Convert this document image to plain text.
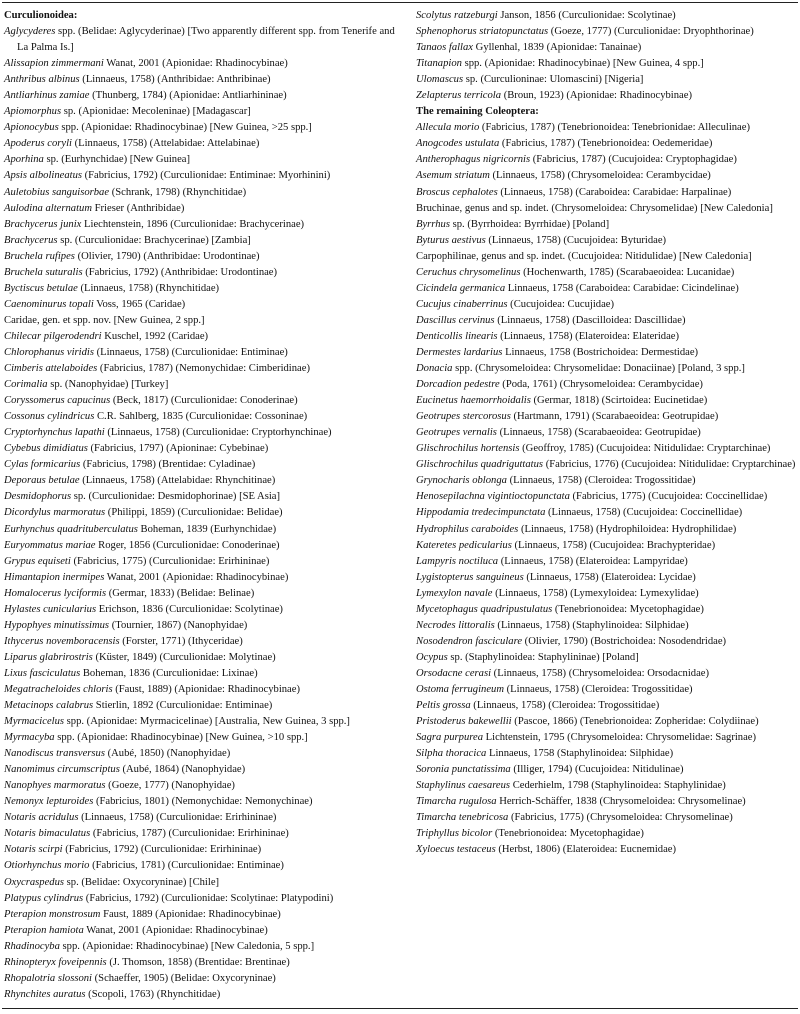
Curculionoidea:
Aglycyderes spp. (Belidae: Aglycyderinae) [Two apparently different spp. from Tenerife and La Palma Is.]
Alissapion zimmermani Wanat, 2001 (Apionidae: Rhadinocybinae)
Anthribus albinus (Linnaeus, 1758) (Anthribidae: Anthribinae)
Antliarhinus zamiae (Thunberg, 1784) (Apionidae: Antliarhininae)
Apiomorphus sp. (Apionidae: Mecoleninae) [Madagascar]
Apionocybus spp. (Apionidae: Rhadinocybinae) [New Guinea, >25 spp.]
Apoderus coryli (Linnaeus, 1758) (Attelabidae: Attelabinae)
Aporhina sp. (Eurhynchidae) [New Guinea]
Apsis albolineatus (Fabricius, 1792) (Curculionidae: Entiminae: Myorhinini)
Auletobius sanguisorbae (Schrank, 1798) (Rhynchitidae)
Aulodina alternatum Frieser (Anthribidae)
Brachycerus junix Liechtenstein, 1896 (Curculionidae: Brachycerinae)
Brachycerus sp. (Curculionidae: Brachycerinae) [Zambia]
Bruchela rufipes (Olivier, 1790) (Anthribidae: Urodontinae)
Bruchela suturalis (Fabricius, 1792) (Anthribidae: Urodontinae)
Byctiscus betulae (Linnaeus, 1758) (Rhynchitidae)
Caenominurus topali Voss, 1965 (Caridae)
Caridae, gen. et spp. nov. [New Guinea, 2 spp.]
Chilecar pilgerodendri Kuschel, 1992 (Caridae)
Chlorophanus viridis (Linnaeus, 1758) (Curculionidae: Entiminae)
Cimberis attelaboides (Fabricius, 1787) (Nemonychidae: Cimberidinae)
Corimalia sp. (Nanophyidae) [Turkey]
Coryssomerus capucinus (Beck, 1817) (Curculionidae: Conoderinae)
Cossonus cylindricus C.R. Sahlberg, 1835 (Curculionidae: Cossoninae)
Cryptorhynchus lapathi (Linnaeus, 1758) (Curculionidae: Cryptorhynchinae)
Cybebus dimidiatus (Fabricius, 1797) (Apioninae: Cybebinae)
Cylas formicarius (Fabricius, 1798) (Brentidae: Cyladinae)
Deporaus betulae (Linnaeus, 1758) (Attelabidae: Rhynchitinae)
Desmidophorus sp. (Curculionidae: Desmidophorinae) [SE Asia]
Dicordylus marmoratus (Philippi, 1859) (Curculionidae: Belidae)
Eurhynchus quadrituberculatus Boheman, 1839 (Eurhynchidae)
Euryommatus mariae Roger, 1856 (Curculionidae: Conoderinae)
Grypus equiseti (Fabricius, 1775) (Curculionidae: Erirhininae)
Himantapion inermipes Wanat, 2001 (Apionidae: Rhadinocybinae)
Homalocerus lyciformis (Germar, 1833) (Belidae: Belinae)
Hylastes cunicularius Erichson, 1836 (Curculionidae: Scolytinae)
Hypophyes minutissimus (Tournier, 1867) (Nanophyidae)
Ithycerus novemboracensis (Forster, 1771) (Ithyceridae)
Liparus glabrirostris (Küster, 1849) (Curculionidae: Molytinae)
Lixus fasciculatus Boheman, 1836 (Curculionidae: Lixinae)
Megatracheloides chloris (Faust, 1889) (Apionidae: Rhadinocybinae)
Metacinops calabrus Stierlin, 1892 (Curculionidae: Entiminae)
Myrmacicelus spp. (Apionidae: Myrmacicelinae) [Australia, New Guinea, 3 spp.]
Myrmacyba spp. (Apionidae: Rhadinocybinae) [New Guinea, >10 spp.]
Nanodiscus transversus (Aubé, 1850) (Nanophyidae)
Nanomimus circumscriptus (Aubé, 1864) (Nanophyidae)
Nanophyes marmoratus (Goeze, 1777) (Nanophyidae)
Nemonyx lepturoides (Fabricius, 1801) (Nemonychidae: Nemonychinae)
Notaris acridulus (Linnaeus, 1758) (Curculionidae: Erirhininae)
Notaris bimaculatus (Fabricius, 1787) (Curculionidae: Erirhininae)
Notaris scirpi (Fabricius, 1792) (Curculionidae: Erirhininae)
Otiorhynchus morio (Fabricius, 1781) (Curculionidae: Entiminae)
Oxycraspedus sp. (Belidae: Oxycoryninae) [Chile]
Platypus cylindrus (Fabricius, 1792) (Curculionidae: Scolytinae: Platypodini)
Pterapion monstrosum Faust, 1889 (Apionidae: Rhadinocybinae)
Pterapion hamiota Wanat, 2001 (Apionidae: Rhadinocybinae)
Rhadinocyba spp. (Apionidae: Rhadinocybinae) [New Caledonia, 5 spp.]
Rhinopteryx foveipennis (J. Thomson, 1858) (Brentidae: Brentinae)
Rhopalotria slossoni (Schaeffer, 1905) (Belidae: Oxycoryninae)
Rhynchites auratus (Scopoli, 1763) (Rhynchitidae)
Scolytus ratzeburgi Janson, 1856 (Curculionidae: Scolytinae)
Sphenophorus striatopunctatus (Goeze, 1777) (Curculionidae: Dryophthorinae)
Tanaos fallax Gyllenhal, 1839 (Apionidae: Tanainae)
Titanapion spp. (Apionidae: Rhadinocybinae) [New Guinea, 4 spp.]
Ulomascus sp. (Curculioninae: Ulomascini) [Nigeria]
Zelapterus terricola (Broun, 1923) (Apionidae: Rhadinocybinae)
The remaining Coleoptera:
Allecula morio (Fabricius, 1787) (Tenebrionoidea: Tenebrionidae: Alleculinae)
Anogcodes ustulata (Fabricius, 1787) (Tenebrionoidea: Oedemeridae)
Antherophagus nigricornis (Fabricius, 1787) (Cucujoidea: Cryptophagidae)
Asemum striatum (Linnaeus, 1758) (Chrysomeloidea: Cerambycidae)
Broscus cephalotes (Linnaeus, 1758) (Caraboidea: Carabidae: Harpalinae)
Bruchinae, genus and sp. indet. (Chrysomeloidea: Chrysomelidae) [New Caledonia]
Byrrhus sp. (Byrrhoidea: Byrrhidae) [Poland]
Byturus aestivus (Linnaeus, 1758) (Cucujoidea: Byturidae)
Carpophilinae, genus and sp. indet. (Cucujoidea: Nitidulidae) [New Caledonia]
Ceruchus chrysomelinus (Hochenwarth, 1785) (Scarabaeoidea: Lucanidae)
Cicindela germanica Linnaeus, 1758 (Caraboidea: Carabidae: Cicindelinae)
Cucujus cinaberrinus (Cucujoidea: Cucujidae)
Dascillus cervinus (Linnaeus, 1758) (Dascilloidea: Dascillidae)
Denticollis linearis (Linnaeus, 1758) (Elateroidea: Elateridae)
Dermestes lardarius Linnaeus, 1758 (Bostrichoidea: Dermestidae)
Donacia spp. (Chrysomeloidea: Chrysomelidae: Donaciinae) [Poland, 3 spp.]
Dorcadion pedestre (Poda, 1761) (Chrysomeloidea: Cerambycidae)
Eucinetus haemorrhoidalis (Germar, 1818) (Scirtoidea: Eucinetidae)
Geotrupes stercorosus (Hartmann, 1791) (Scarabaeoidea: Geotrupidae)
Geotrupes vernalis (Linnaeus, 1758) (Scarabaeoidea: Geotrupidae)
Glischrochilus hortensis (Geoffroy, 1785) (Cucujoidea: Nitidulidae: Cryptarchinae)
Glischrochilus quadriguttatus (Fabricius, 1776) (Cucujoidea: Nitidulidae: Cryptarchinae)
Grynocharis oblonga (Linnaeus, 1758) (Cleroidea: Trogossitidae)
Henosepilachna vigintioctopunctata (Fabricius, 1775) (Cucujoidea: Coccinellidae)
Hippodamia tredecimpunctata (Linnaeus, 1758) (Cucujoidea: Coccinellidae)
Hydrophilus caraboides (Linnaeus, 1758) (Hydrophiloidea: Hydrophilidae)
Kateretes pedicularius (Linnaeus, 1758) (Cucujoidea: Brachypteridae)
Lampyris noctiluca (Linnaeus, 1758) (Elateroidea: Lampyridae)
Lygistopterus sanguineus (Linnaeus, 1758) (Elateroidea: Lycidae)
Lymexylon navale (Linnaeus, 1758) (Lymexyloidea: Lymexylidae)
Mycetophagus quadripustulatus (Tenebrionoidea: Mycetophagidae)
Necrodes littoralis (Linnaeus, 1758) (Staphylinoidea: Silphidae)
Nosodendron fasciculare (Olivier, 1790) (Bostrichoidea: Nosodendridae)
Ocypus sp. (Staphylinoidea: Staphylininae) [Poland]
Orsodacne cerasi (Linnaeus, 1758) (Chrysomeloidea: Orsodacnidae)
Ostoma ferrugineum (Linnaeus, 1758) (Cleroidea: Trogossitidae)
Peltis grossa (Linnaeus, 1758) (Cleroidea: Trogossitidae)
Pristoderus bakewellii (Pascoe, 1866) (Tenebrionoidea: Zopheridae: Colydiinae)
Sagra purpurea Lichtenstein, 1795 (Chrysomeloidea: Chrysomelidae: Sagrinae)
Silpha thoracica Linnaeus, 1758 (Staphylinoidea: Silphidae)
Soronia punctatissima (Illiger, 1794) (Cucujoidea: Nitidulinae)
Staphylinus caesareus Cederhielm, 1798 (Staphylinoidea: Staphylinidae)
Timarcha rugulosa Herrich-Schäffer, 1838 (Chrysomeloidea: Chrysomelinae)
Timarcha tenebricosa (Fabricius, 1775) (Chrysomeloidea: Chrysomelinae)
Triphyllus bicolor (Tenebrionoidea: Mycetophagidae)
Xyloecus testaceus (Herbst, 1806) (Elateroidea: Eucnemidae)
